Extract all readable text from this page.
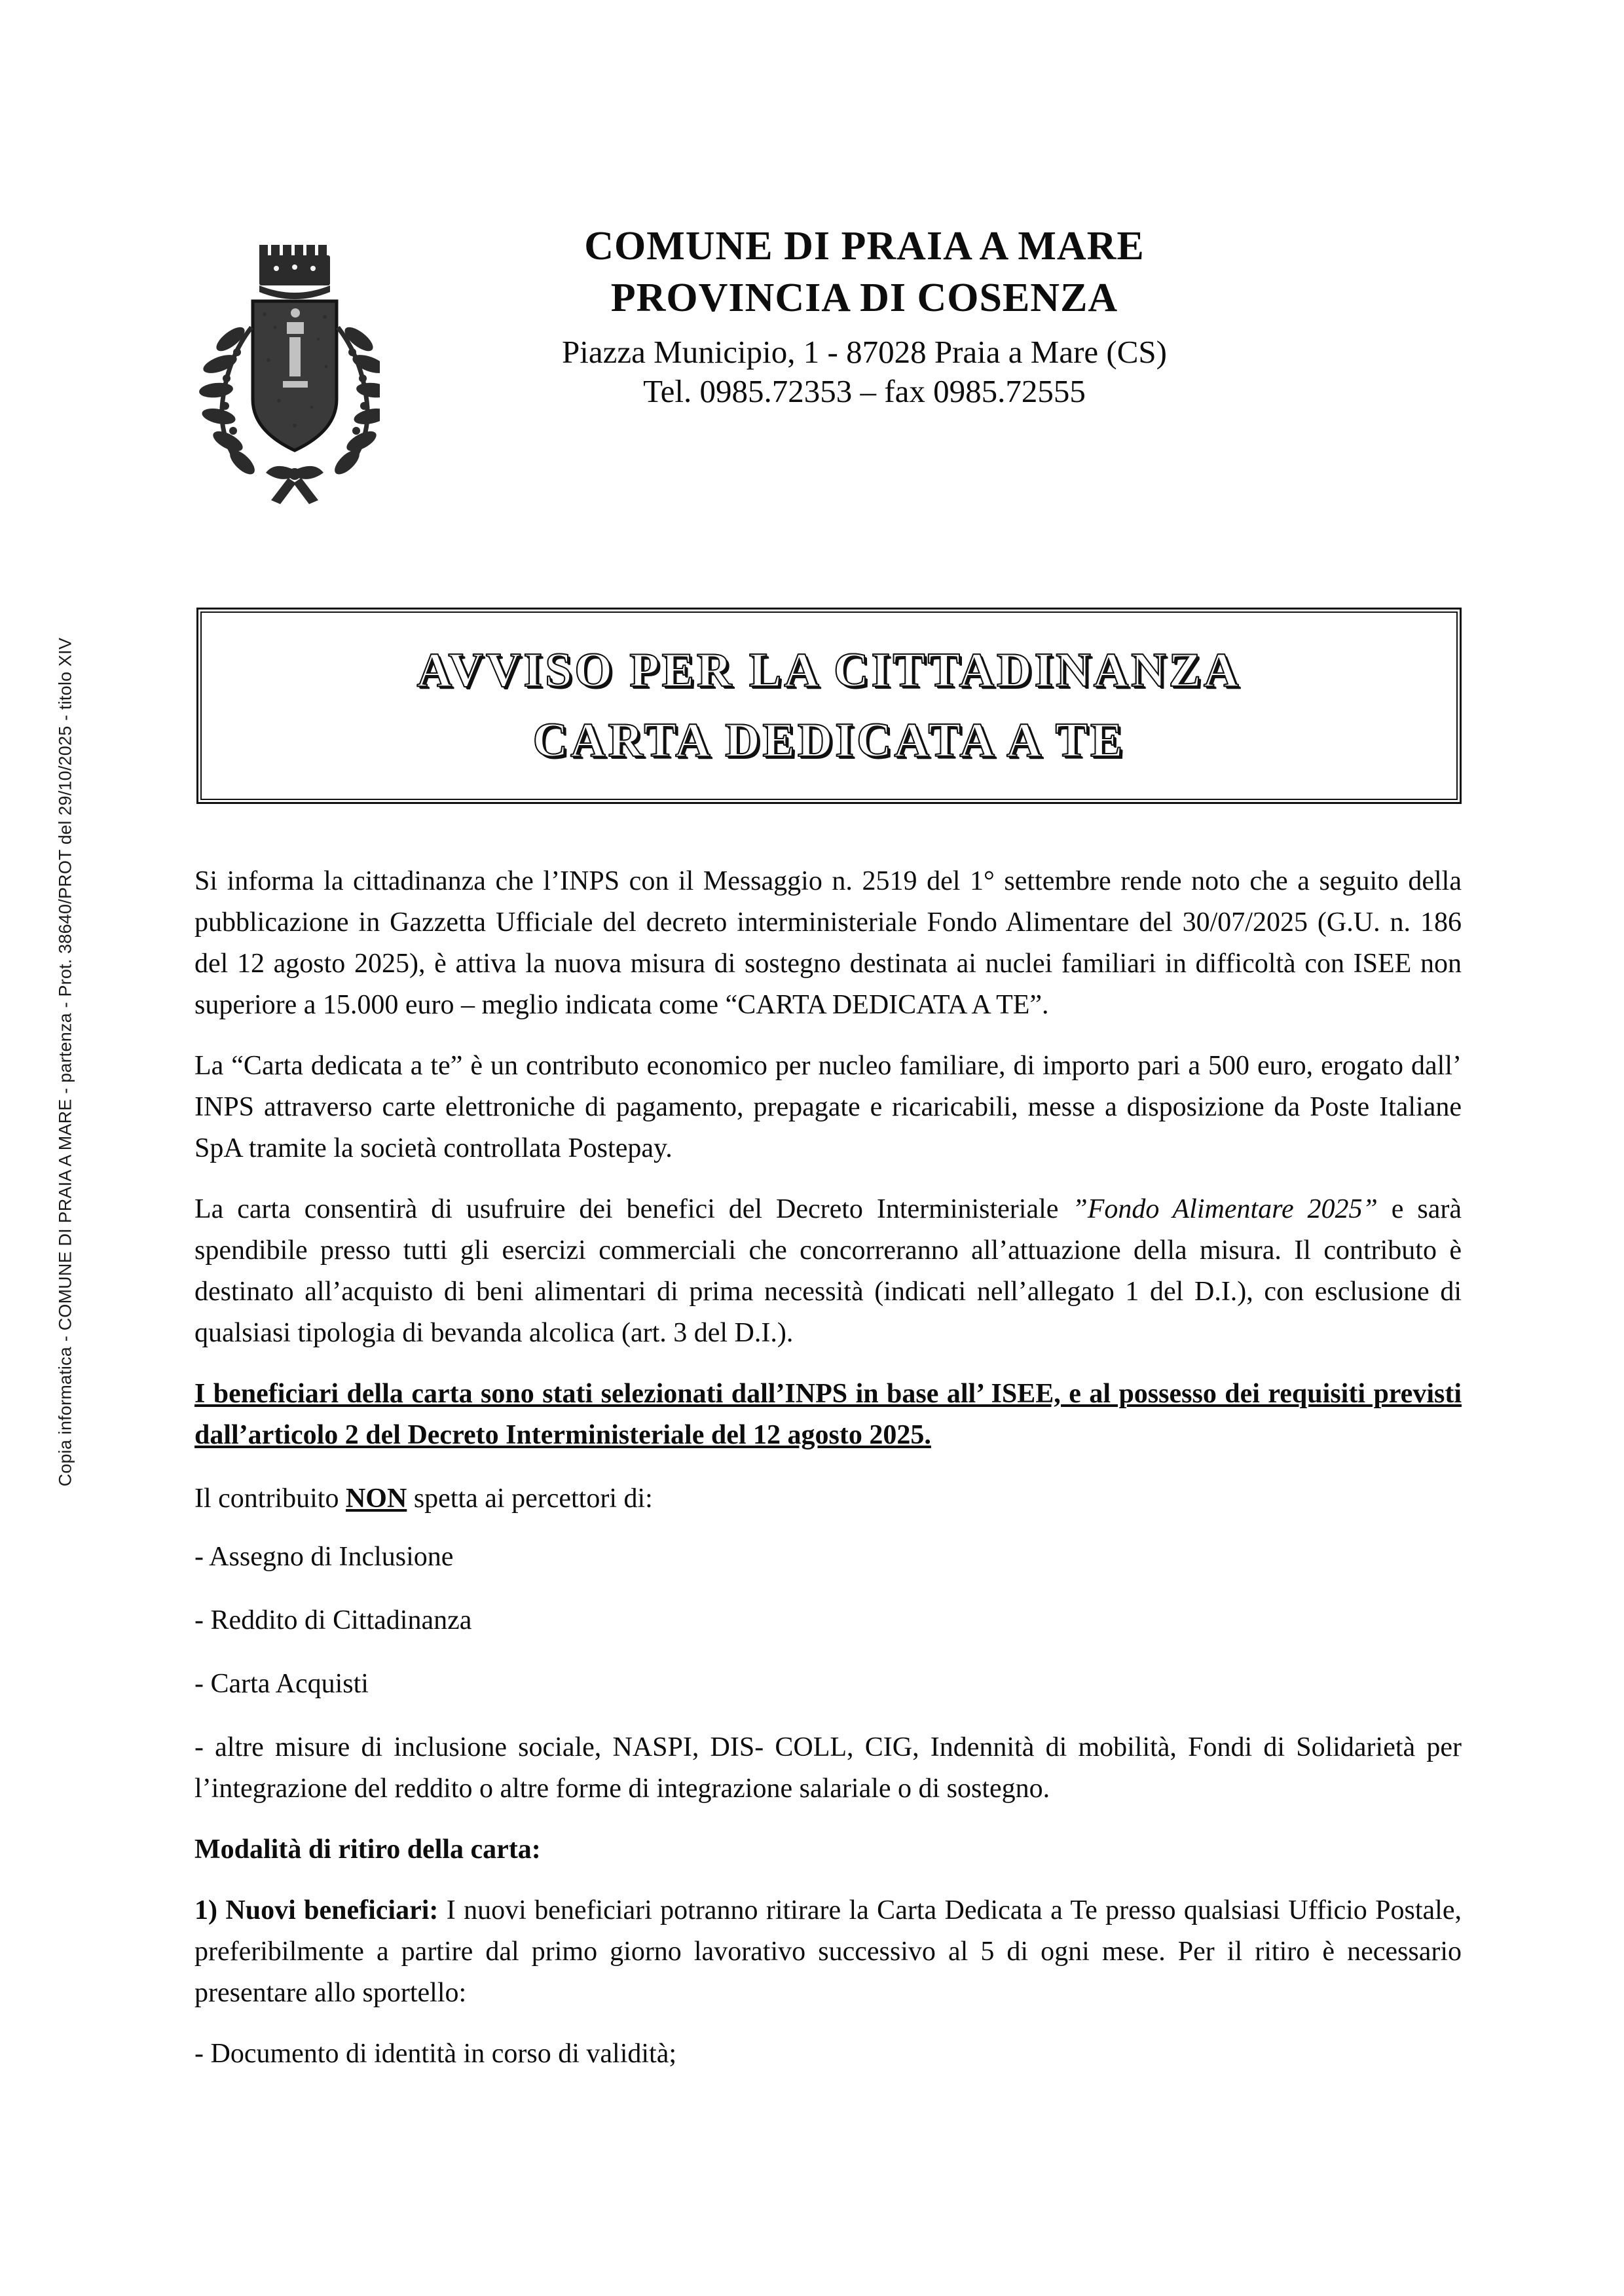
Copia informatica - COMUNE DI PRAIA A MARE - partenza - Prot. 38640/PROT del 29/10/2025 - titolo XIV
COMUNE DI PRAIA A MARE
PROVINCIA DI COSENZA
Piazza Municipio, 1 - 87028 Praia a Mare (CS)
Tel. 0985.72353 – fax 0985.72555
AVVISO PER LA CITTADINANZA
CARTA DEDICATA A TE

Si informa la cittadinanza che l’INPS con il Messaggio n. 2519 del 1° settembre rende noto che a seguito della pubblicazione in Gazzetta Ufficiale del decreto interministeriale Fondo Alimentare del 30/07/2025 (G.U. n. 186 del 12 agosto 2025), è attiva la nuova misura di sostegno destinata ai nuclei familiari in difficoltà con ISEE non superiore a 15.000 euro – meglio indicata come “CARTA DEDICATA A TE”.

La “Carta dedicata a te” è un contributo economico per nucleo familiare, di importo pari a 500 euro, erogato dall’ INPS attraverso carte elettroniche di pagamento, prepagate e ricaricabili, messe a disposizione da Poste Italiane SpA tramite la società controllata Postepay.

La carta consentirà di usufruire dei benefici del Decreto Interministeriale ”Fondo Alimentare 2025” e sarà spendibile presso tutti gli esercizi commerciali che concorreranno all’attuazione della misura. Il contributo è destinato all’acquisto di beni alimentari di prima necessità (indicati nell’allegato 1 del D.I.), con esclusione di qualsiasi tipologia di bevanda alcolica (art. 3 del D.I.).

I beneficiari della carta sono stati selezionati dall’INPS in base all’ ISEE, e al possesso dei requisiti previsti dall’articolo 2 del Decreto Interministeriale del 12 agosto 2025.

Il contribuito NON spetta ai percettori di:

- Assegno di Inclusione

- Reddito di Cittadinanza

- Carta Acquisti

- altre misure di inclusione sociale, NASPI, DIS- COLL, CIG, Indennità di mobilità, Fondi di Solidarietà per l’integrazione del reddito o altre forme di integrazione salariale o di sostegno.

Modalità di ritiro della carta:

1) Nuovi beneficiari: I nuovi beneficiari potranno ritirare la Carta Dedicata a Te presso qualsiasi Ufficio Postale, preferibilmente a partire dal primo giorno lavorativo successivo al 5 di ogni mese. Per il ritiro è necessario presentare allo sportello:

- Documento di identità in corso di validità;
